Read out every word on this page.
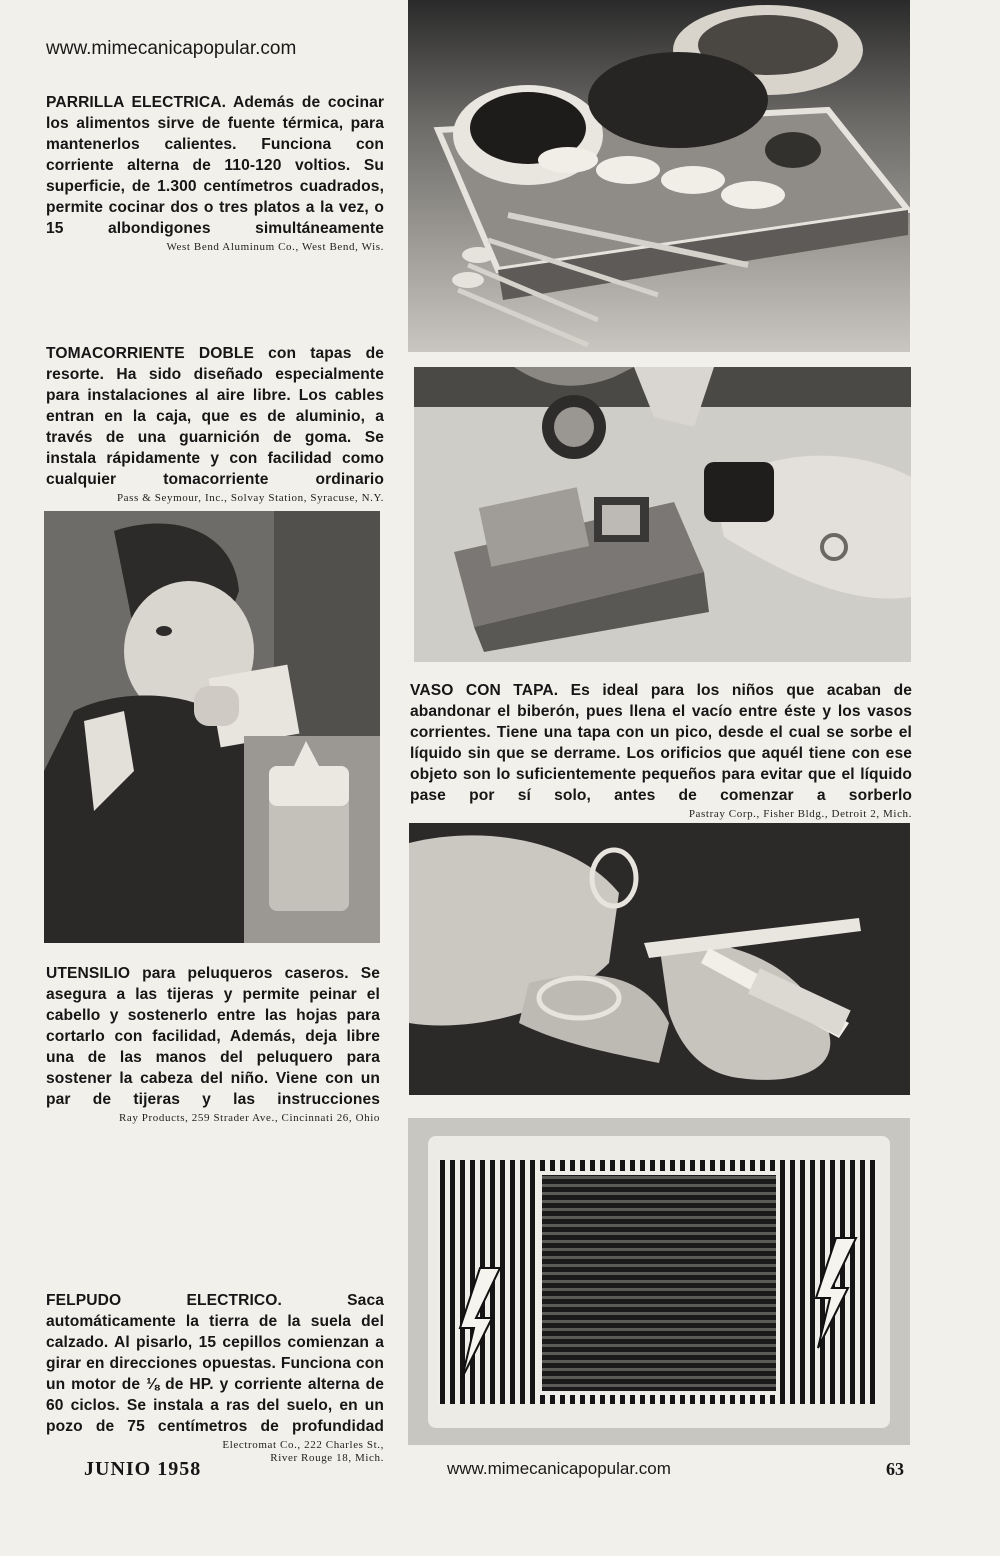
www.mimecanicapopular.com

PARRILLA ELECTRICA. Además de cocinar los alimentos sirve de fuente térmica, para mantenerlos calientes. Funciona con corriente alterna de 110-120 voltios. Su superficie, de 1.300 centímetros cuadrados, permite cocinar dos o tres platos a la vez, o 15 albondigones simultáneamente

West Bend Aluminum Co., West Bend, Wis.

TOMACORRIENTE DOBLE con tapas de resorte. Ha sido diseñado especialmente para instalaciones al aire libre. Los cables entran en la caja, que es de aluminio, a través de una guarnición de goma. Se instala rápidamente y con facilidad como cualquier tomacorriente ordinario

Pass & Seymour, Inc., Solvay Station, Syracuse, N.Y.

VASO CON TAPA. Es ideal para los niños que acaban de abandonar el biberón, pues llena el vacío entre éste y los vasos corrientes. Tiene una tapa con un pico, desde el cual se sorbe el líquido sin que se derrame. Los orificios que aquél tiene con ese objeto son lo suficientemente pequeños para evitar que el líquido pase por sí solo, antes de comenzar a sorberlo

Pastray Corp., Fisher Bldg., Detroit 2, Mich.

UTENSILIO para peluqueros caseros. Se asegura a las tijeras y permite peinar el cabello y sostenerlo entre las hojas para cortarlo con facilidad, Además, deja libre una de las manos del peluquero para sostener la cabeza del niño. Viene con un par de tijeras y las instrucciones

Ray Products, 259 Strader Ave., Cincinnati 26, Ohio

FELPUDO ELECTRICO.	Saca automáticamente la tierra de la suela del calzado. Al pisarlo, 15 cepillos comienzan a girar en direcciones opuestas. Funciona con un motor de ⅛ de HP. y corriente alterna de 60 ciclos. Se instala a ras del suelo, en un pozo de 75 centímetros de profundidad

Electromat Co., 222 Charles St.,
River Rouge 18, Mich.
JUNIO 1958	www.mimecanicapopular.com	63
